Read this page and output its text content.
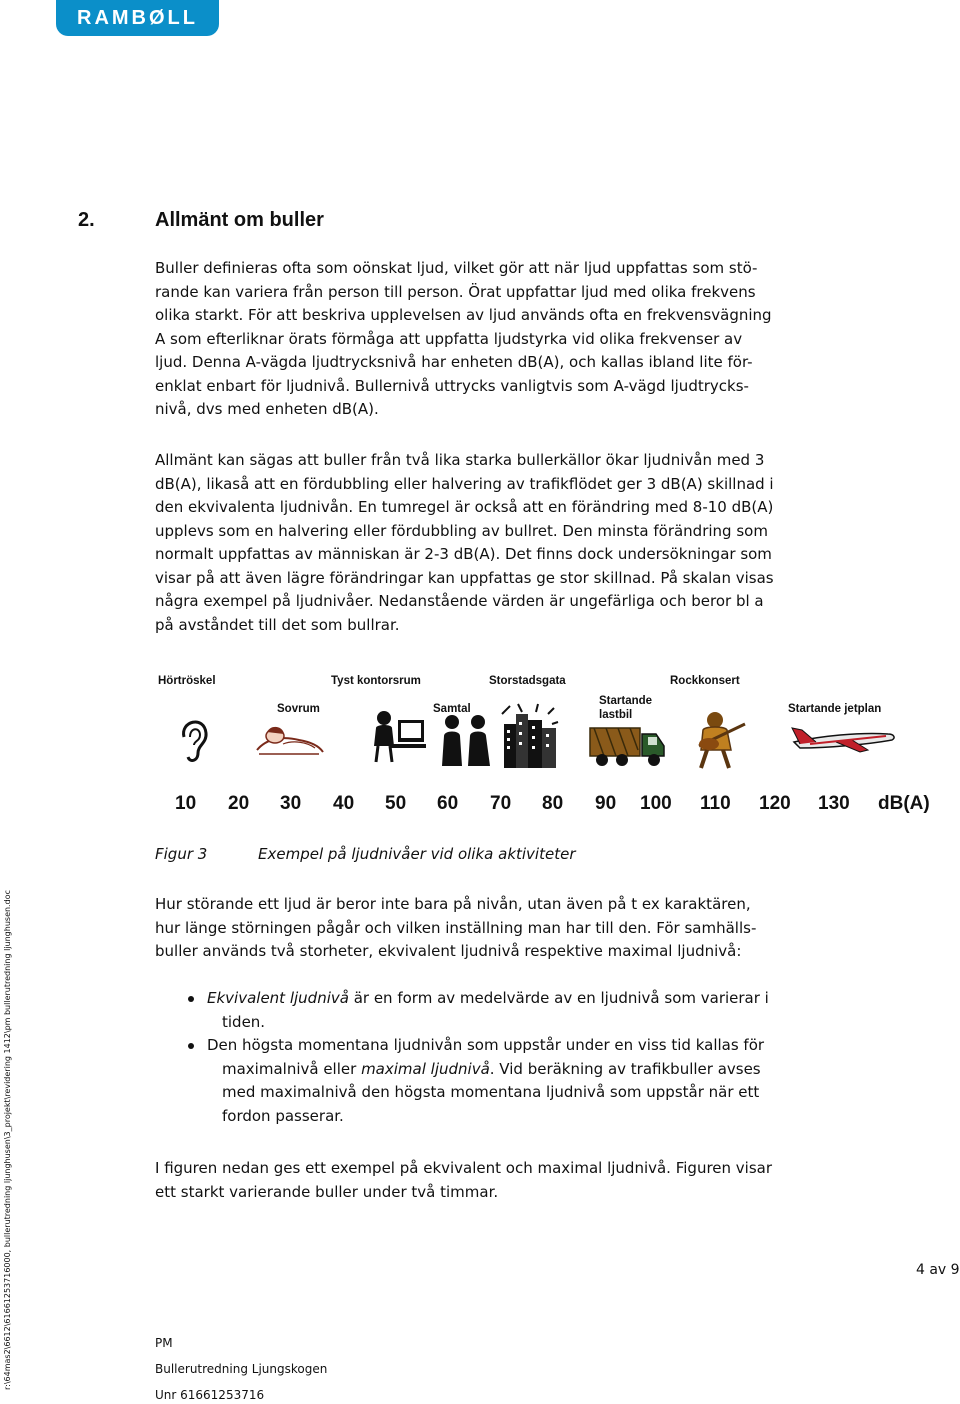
RAMBØLL
2.	Allmänt om buller

Buller definieras ofta som oönskat ljud, vilket gör att när ljud uppfattas som stö-
rande kan variera från person till person. Örat uppfattar ljud med olika frekvens
olika starkt. För att beskriva upplevelsen av ljud används ofta en frekvensvägning
A som efterliknar örats förmåga att uppfatta ljudstyrka vid olika frekvenser av
ljud. Denna A-vägda ljudtrycksnivå har enheten dB(A), och kallas ibland lite för-
enklat enbart för ljudnivå. Bullernivå uttrycks vanligtvis som A-vägd ljudtrycks-
nivå, dvs med enheten dB(A).

Allmänt kan sägas att buller från två lika starka bullerkällor ökar ljudnivån med 3
dB(A), likaså att en fördubbling eller halvering av trafikflödet ger 3 dB(A) skillnad i
den ekvivalenta ljudnivån. En tumregel är också att en förändring med 8-10 dB(A)
upplevs som en halvering eller fördubbling av bullret. Den minsta förändring som
normalt uppfattas av människan är 2-3 dB(A). Det finns dock undersökningar som
visar på att även lägre förändringar kan uppfattas ge stor skillnad. På skalan visas
några exempel på ljudnivåer. Nedanstående värden är ungefärliga och beror bl a
på avståndet till det som bullrar.

Hörtröskel	Tyst kontorsrum	Storstadsgata	Rockkonsert
Sovrum	Samtal
Startande lastbil	Startande jetplan
10 20 30 40 50 60 70 80 90 100 110 120 130 dB(A)
Figur 3	Exempel på ljudnivåer vid olika aktiviteter

Hur störande ett ljud är beror inte bara på nivån, utan även på t ex karaktären,
hur länge störningen pågår och vilken inställning man har till den. För samhälls-
buller används två storheter, ekvivalent ljudnivå respektive maximal ljudnivå:

Ekvivalent ljudnivå är en form av medelvärde av en ljudnivå som varierar i
tiden.
Den högsta momentana ljudnivån som uppstår under en viss tid kallas för
maximalnivå eller maximal ljudnivå. Vid beräkning av trafikbuller avses
med maximalnivå den högsta momentana ljudnivå som uppstår när ett
fordon passerar.

I figuren nedan ges ett exempel på ekvivalent och maximal ljudnivå. Figuren visar
ett starkt varierande buller under två timmar.

4 av 9
PM
Bullerutredning Ljungskogen
Unr 61661253716
r:\64mas2\6612\61661253716000, bullerutredning ljunghusen\3_projekt\revidering 1412\pm bullerutredning ljunghusen.doc
